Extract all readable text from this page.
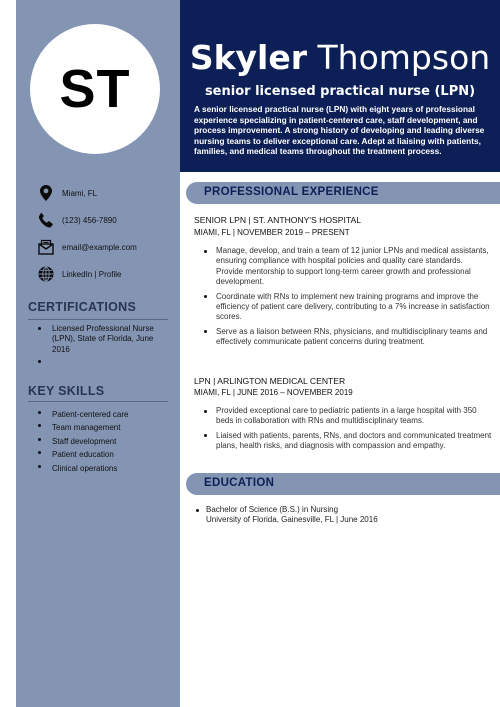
Skyler Thompson
senior licensed practical nurse (LPN)
A senior licensed practical nurse (LPN) with eight years of professional experience specializing in patient-centered care, staff development, and process improvement. A strong history of developing and leading diverse nursing teams to deliver exceptional care. Adept at liaising with patients, families, and medical teams throughout the treatment process.
ST
Miami, FL
(123) 456-7890
email@example.com
LinkedIn | Profile
CERTIFICATIONS
Licensed Professional Nurse (LPN), State of Florida, June 2016
KEY SKILLS
Patient-centered care
Team management
Staff development
Patient education
Clinical operations
PROFESSIONAL EXPERIENCE
SENIOR LPN | ST. ANTHONY'S HOSPITAL
MIAMI, FL | NOVEMBER 2019 – PRESENT
Manage, develop, and train a team of 12 junior LPNs and medical assistants, ensuring compliance with hospital policies and quality care standards. Provide mentorship to support long-term career growth and professional development.
Coordinate with RNs to implement new training programs and improve the efficiency of patient care delivery, contributing to a 7% increase in satisfaction scores.
Serve as a liaison between RNs, physicians, and multidisciplinary teams and effectively communicate patient concerns during treatment.
LPN | ARLINGTON MEDICAL CENTER
MIAMI, FL | JUNE 2016 – NOVEMBER 2019
Provided exceptional care to pediatric patients in a large hospital with 350 beds in collaboration with RNs and multidisciplinary teams.
Liaised with patients, parents, RNs, and doctors and communicated treatment plans, health risks, and diagnosis with compassion and empathy.
EDUCATION
Bachelor of Science (B.S.) in Nursing
University of Florida, Gainesville, FL | June 2016
